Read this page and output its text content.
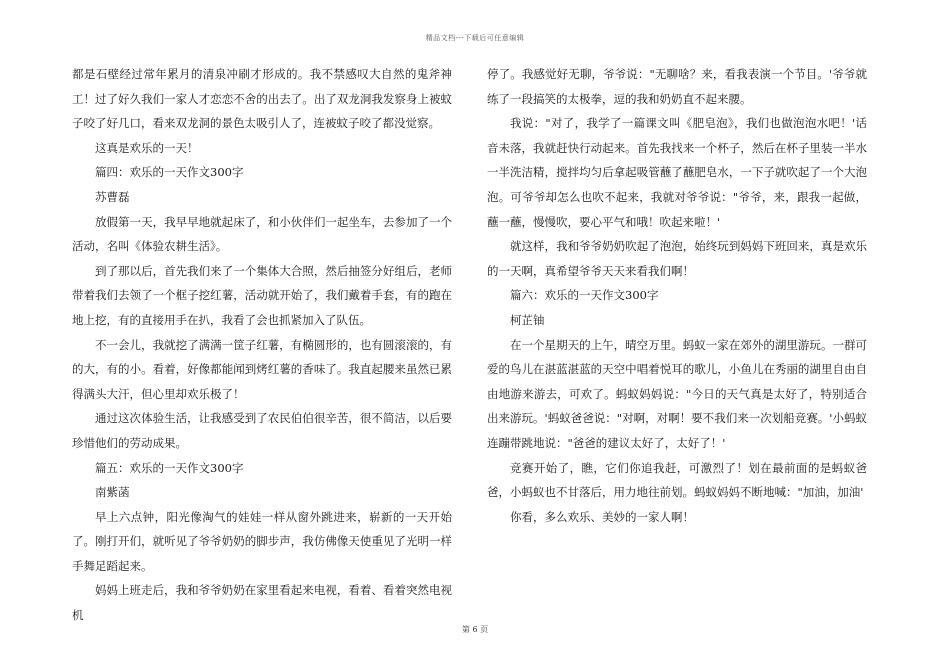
精品文档---下载后可任意编辑

都是石壁经过常年累月的清泉冲刷才形成的。我不禁感叹大自然的鬼斧神工！过了好久我们一家人才恋恋不舍的出去了。出了双龙洞我发察身上被蚊子咬了好几口，看来双龙洞的景色太吸引人了，连被蚊子咬了都没觉察。

这真是欢乐的一天！

篇四：欢乐的一天作文300字

苏曹磊

放假第一天，我早早地就起床了，和小伙伴们一起坐车，去参加了一个活动，名叫《体验农耕生活》。

到了那以后，首先我们来了一个集体大合照，然后抽签分好组后，老师带着我们去领了一个框子挖红薯，活动就开始了，我们戴着手套，有的跑在地上挖，有的直接用手在扒，我看了会也抓紧加入了队伍。

不一会儿，我就挖了满满一筐子红薯，有椭圆形的，也有圆滚滚的，有的大，有的小。看着，好像都能闻到烤红薯的香味了。我直起腰来虽然已累得满头大汗，但心里却欢乐极了！

通过这次体验生活，让我感受到了农民伯伯很辛苦，很不简洁，以后要珍惜他们的劳动成果。

篇五：欢乐的一天作文300字

南紫菡

早上六点钟，阳光像淘气的娃娃一样从窗外跳进来，崭新的一天开始了。刚打开们，就听见了爷爷奶奶的脚步声，我仿佛像天使重见了光明一样手舞足蹈起来。

妈妈上班走后，我和爷爷奶奶在家里看起来电视，看着、看着突然电视机

停了。我感觉好无聊，爷爷说："无聊啥？来，看我表演一个节目。'爷爷就练了一段搞笑的太极拳，逗的我和奶奶直不起来腰。

我说："对了，我学了一篇课文叫《肥皂泡》，我们也做泡泡水吧！'话音未落，我就赶快行动起来。首先我找来一个杯子，然后在杯子里装一半水一半洗洁精，搅拌均匀后拿起吸管蘸了蘸肥皂水，一下子就吹起了一个大泡泡。可爷爷却怎么也吹不起来，我就对爷爷说："爷爷，来，跟我一起做，蘸一蘸，慢慢吹，要心平气和哦！吹起来啦！'

就这样，我和爷爷奶奶吹起了泡泡，始终玩到妈妈下班回来，真是欢乐的一天啊，真希望爷爷天天来看我们啊！

篇六：欢乐的一天作文300字

柯芷铀

在一个星期天的上午，晴空万里。蚂蚁一家在郊外的湖里游玩。一群可爱的鸟儿在湛蓝湛蓝的天空中唱着悦耳的歌儿，小鱼儿在秀丽的湖里自由自由地游来游去，可欢了。蚂蚁妈妈说："今日的天气真是太好了，特别适合出来游玩。'蚂蚁爸爸说："对啊，对啊！要不我们来一次划船竞赛。'小蚂蚁连蹦带跳地说："爸爸的建议太好了，太好了！'

竞赛开始了，瞧，它们你追我赶，可激烈了！划在最前面的是蚂蚁爸爸，小蚂蚁也不甘落后，用力地往前划。蚂蚁妈妈不断地喊："加油，加油'

你看，多么欢乐、美妙的一家人啊！

第 6 页
